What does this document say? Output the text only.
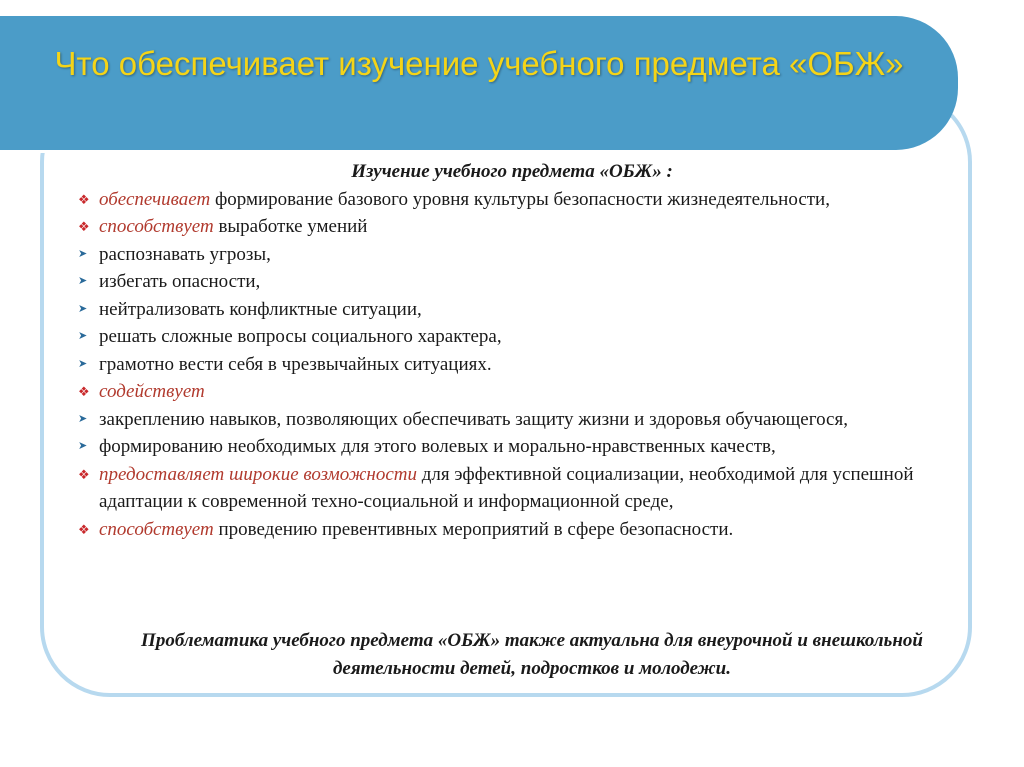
Что обеспечивает изучение учебного предмета «ОБЖ»
Изучение учебного предмета «ОБЖ» :
❖ обеспечивает формирование базового уровня культуры безопасности жизнедеятельности,
❖ способствует выработке умений
➤ распознавать угрозы,
➤ избегать опасности,
➤ нейтрализовать конфликтные ситуации,
➤ решать сложные вопросы социального характера,
➤ грамотно вести себя в чрезвычайных ситуациях.
❖ содействует
➤ закреплению навыков, позволяющих обеспечивать защиту жизни и здоровья обучающегося,
➤ формированию необходимых для этого волевых и морально-нравственных качеств,
❖ предоставляет широкие возможности для эффективной социализации, необходимой для успешной адаптации к современной техно-социальной и информационной среде,
❖ способствует проведению превентивных мероприятий в сфере безопасности.
Проблематика учебного предмета «ОБЖ» также актуальна для внеурочной и внешкольной деятельности детей, подростков и молодежи.
